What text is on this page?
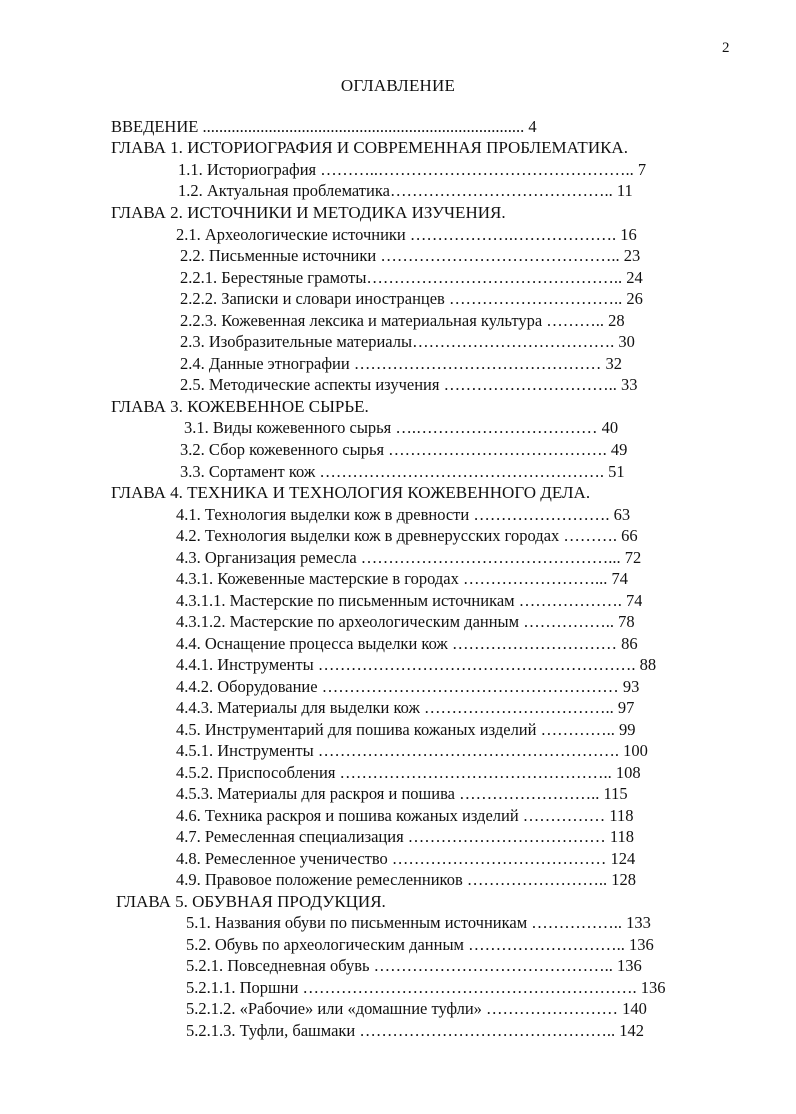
2
ОГЛАВЛЕНИЕ
ВВЕДЕНИЕ .............................................................................. 4
ГЛАВА 1. ИСТОРИОГРАФИЯ И СОВРЕМЕННАЯ ПРОБЛЕМАТИКА.
1.1. Историография ………..……………………………………….. 7
1.2. Актуальная проблематика………………………………….. 11
ГЛАВА 2. ИСТОЧНИКИ И МЕТОДИКА ИЗУЧЕНИЯ.
2.1. Археологические источники ……………….………………. 16
2.2. Письменные источники …………………………………….. 23
2.2.1. Берестяные грамоты……………………………………….. 24
2.2.2. Записки и словари иностранцев ………………………….. 26
2.2.3. Кожевенная лексика и материальная культура ……….. 28
2.3. Изобразительные материалы………………………………. 30
2.4. Данные этнографии ……………………………………… 32
2.5. Методические аспекты изучения ………………………….. 33
ГЛАВА 3. КОЖЕВЕННОЕ СЫРЬЕ.
3.1. Виды кожевенного сырья ….…………………………… 40
3.2. Сбор кожевенного сырья …………………………………. 49
3.3. Сортамент кож ……………………………………………. 51
ГЛАВА 4. ТЕХНИКА И ТЕХНОЛОГИЯ КОЖЕВЕННОГО ДЕЛА.
4.1. Технология выделки кож в древности ……………………. 63
4.2. Технология выделки кож в древнерусских городах ………. 66
4.3. Организация ремесла ………………………………………... 72
4.3.1. Кожевенные мастерские в городах ……………………... 74
4.3.1.1. Мастерские по письменным источникам ………………. 74
4.3.1.2. Мастерские по археологическим данным …………….. 78
4.4. Оснащение процесса выделки кож ………………………… 86
4.4.1. Инструменты …………………………………………………. 88
4.4.2. Оборудование ……………………………………………… 93
4.4.3. Материалы для выделки кож …………………………….. 97
4.5. Инструментарий для пошива кожаных изделий ………….. 99
4.5.1. Инструменты ………………………………………………. 100
4.5.2. Приспособления ………………………………………….. 108
4.5.3. Материалы для раскроя и пошива …………………….. 115
4.6. Техника раскроя и пошива кожаных изделий …………… 118
4.7. Ремесленная специализация ……………………………… 118
4.8. Ремесленное ученичество ………………………………… 124
4.9. Правовое положение ремесленников …………………….. 128
ГЛАВА 5. ОБУВНАЯ ПРОДУКЦИЯ.
5.1. Названия обуви по письменным источникам …………….. 133
5.2. Обувь по археологическим данным ……………………….. 136
5.2.1. Повседневная обувь …………………………………….. 136
5.2.1.1. Поршни ……………………………………………………. 136
5.2.1.2. «Рабочие» или «домашние туфли» …………………… 140
5.2.1.3. Туфли, башмаки ……………………………………….. 142
